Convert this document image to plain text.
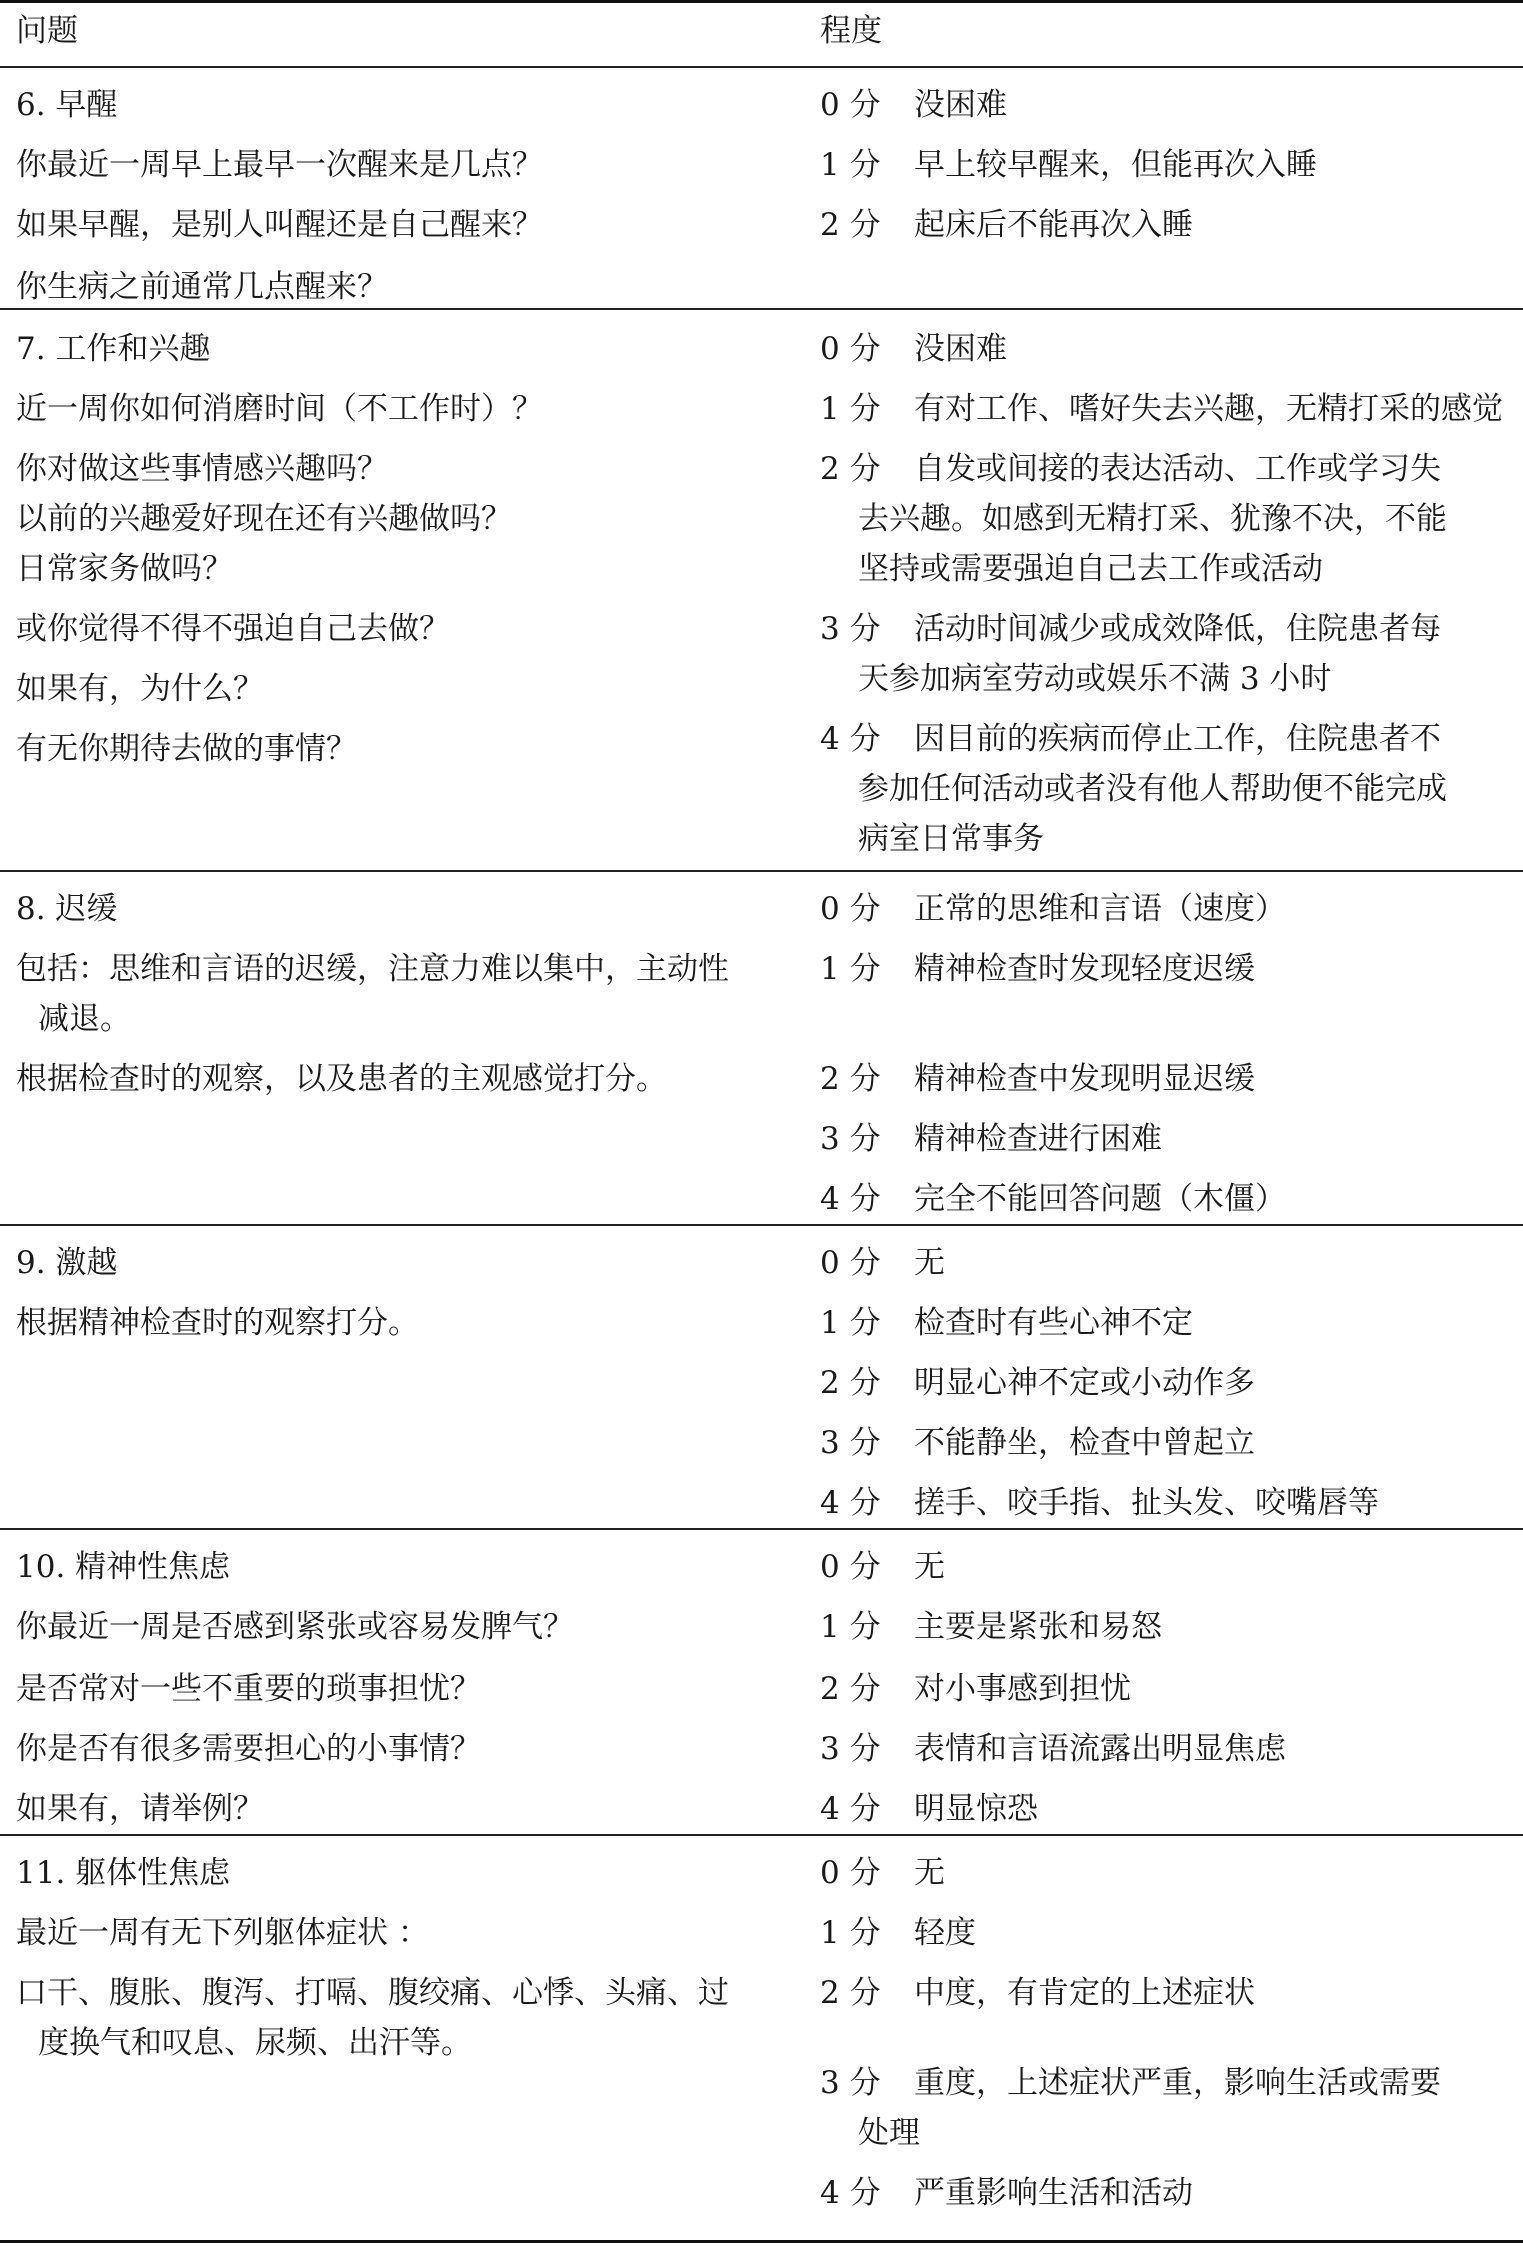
问题	程度
6. 早醒
你最近一周早上最早一次醒来是几点？
如果早醒，是别人叫醒还是自己醒来？
你生病之前通常几点醒来？
0 分 没困难
1 分 早上较早醒来，但能再次入睡
2 分 起床后不能再次入睡
7. 工作和兴趣
近一周你如何消磨时间（不工作时）？
你对做这些事情感兴趣吗？
以前的兴趣爱好现在还有兴趣做吗？
日常家务做吗？
或你觉得不得不强迫自己去做？
如果有，为什么？
有无你期待去做的事情？
0 分 没困难
1 分 有对工作、嗜好失去兴趣，无精打采的感觉
2 分 自发或间接的表达活动、工作或学习失
去兴趣。如感到无精打采、犹豫不决，不能
坚持或需要强迫自己去工作或活动
3 分 活动时间减少或成效降低，住院患者每
天参加病室劳动或娱乐不满 3 小时
4 分 因目前的疾病而停止工作，住院患者不
参加任何活动或者没有他人帮助便不能完成
病室日常事务
8. 迟缓
包括：思维和言语的迟缓，注意力难以集中，主动性
减退。
根据检查时的观察，以及患者的主观感觉打分。
0 分 正常的思维和言语（速度）
1 分 精神检查时发现轻度迟缓
2 分 精神检查中发现明显迟缓
3 分 精神检查进行困难
4 分 完全不能回答问题（木僵）
9. 激越
根据精神检查时的观察打分。
0 分 无
1 分 检查时有些心神不定
2 分 明显心神不定或小动作多
3 分 不能静坐，检查中曾起立
4 分 搓手、咬手指、扯头发、咬嘴唇等
10. 精神性焦虑
你最近一周是否感到紧张或容易发脾气？
是否常对一些不重要的琐事担忧？
你是否有很多需要担心的小事情？
如果有，请举例？
0 分 无
1 分 主要是紧张和易怒
2 分 对小事感到担忧
3 分 表情和言语流露出明显焦虑
4 分 明显惊恐
11. 躯体性焦虑
最近一周有无下列躯体症状 ：
口干、腹胀、腹泻、打嗝、腹绞痛、心悸、头痛、过
度换气和叹息、尿频、出汗等。
0 分 无
1 分 轻度
2 分 中度，有肯定的上述症状
3 分 重度，上述症状严重，影响生活或需要
处理
4 分 严重影响生活和活动
